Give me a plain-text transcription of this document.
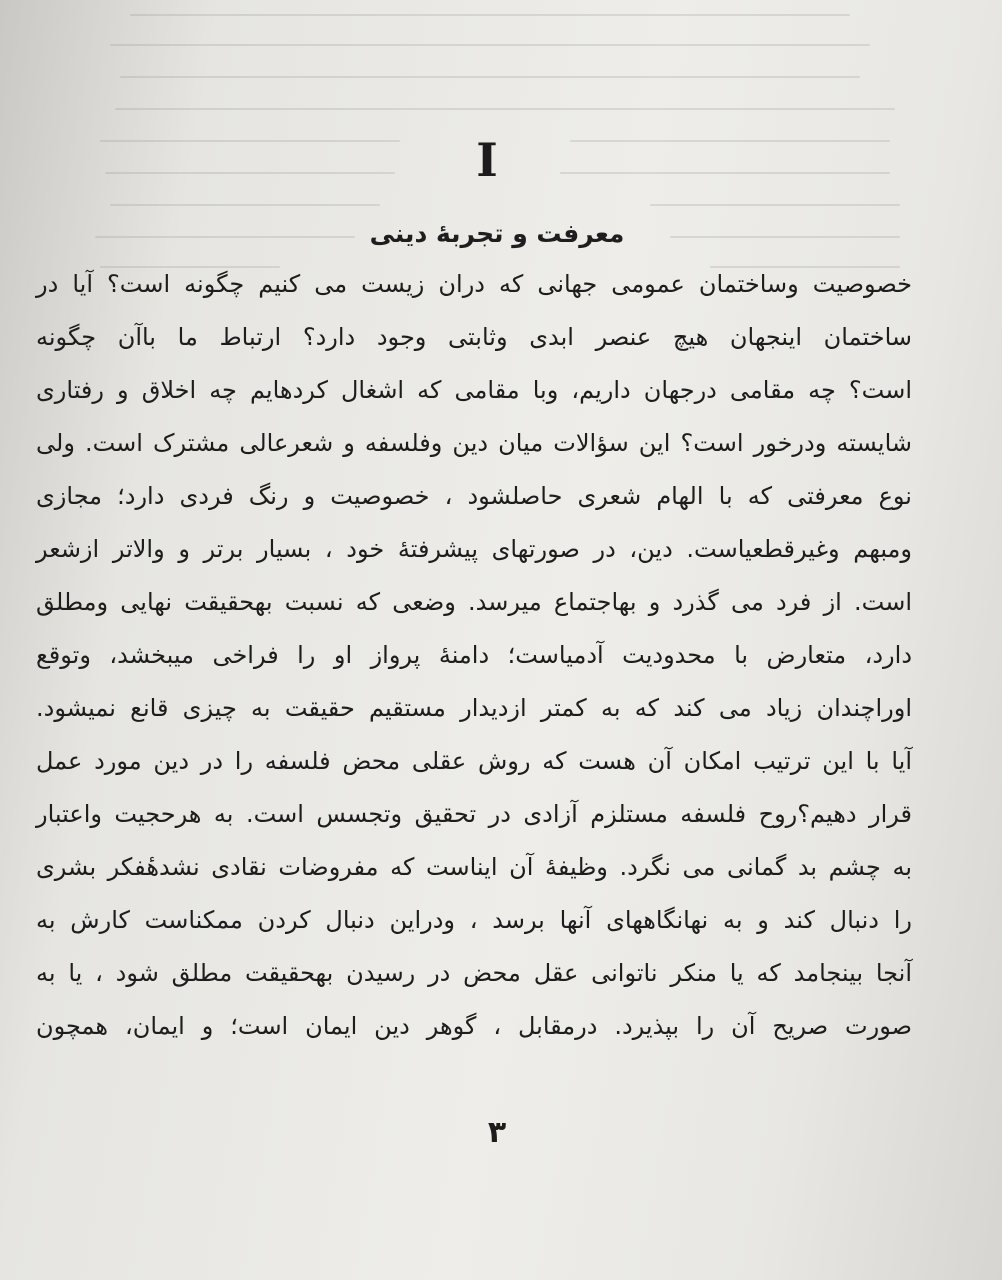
I
معرفت و تجربهٔ دینی
خصوصیت وساختمان عمومی جهانی که دران زیست می کنیم چگونه است؟ آیا در
ساختمان اینجهان هیچ عنصر ابدی وثابتی وجود دارد؟ ارتباط ما باآن چگونه
است؟ چه مقامی درجهان داریم، وبا مقامی که اشغال کردهایم چه اخلاق و رفتاری
شایسته ودرخور است؟ این سؤالات میان دین وفلسفه و شعرعالی مشترک است. ولی
نوع معرفتی که با الهام شعری حاصلشود ، خصوصیت و رنگ فردی دارد؛ مجازی
ومبهم وغیرقطعیاست. دین، در صورتهای پیشرفتهٔ خود ، بسیار برتر و والاتر ازشعر
است. از فرد می گذرد و بهاجتماع میرسد. وضعی که نسبت بهحقیقت نهایی ومطلق
دارد، متعارض با محدودیت آدمیاست؛ دامنهٔ پرواز او را فراخی میبخشد، وتوقع
اوراچندان زیاد می کند که به کمتر ازدیدار مستقیم حقیقت به چیزی قانع نمیشود.
آیا با این ترتیب امکان آن هست که روش عقلی محض فلسفه را در دین مورد عمل
قرار دهیم؟روح فلسفه مستلزم آزادی در تحقیق وتجسس است. به هرحجیت واعتبار
به چشم بد گمانی می نگرد. وظیفهٔ آن ایناست که مفروضات نقادی نشدهٔفکر بشری
را دنبال کند و به نهانگاههای آنها برسد ، ودراین دنبال کردن ممکناست کارش به
آنجا بینجامد که یا منکر ناتوانی عقل محض در رسیدن بهحقیقت مطلق شود ، یا به
صورت صریح آن را بپذیرد. درمقابل ، گوهر دین ایمان است؛ و ایمان، همچون
۳
